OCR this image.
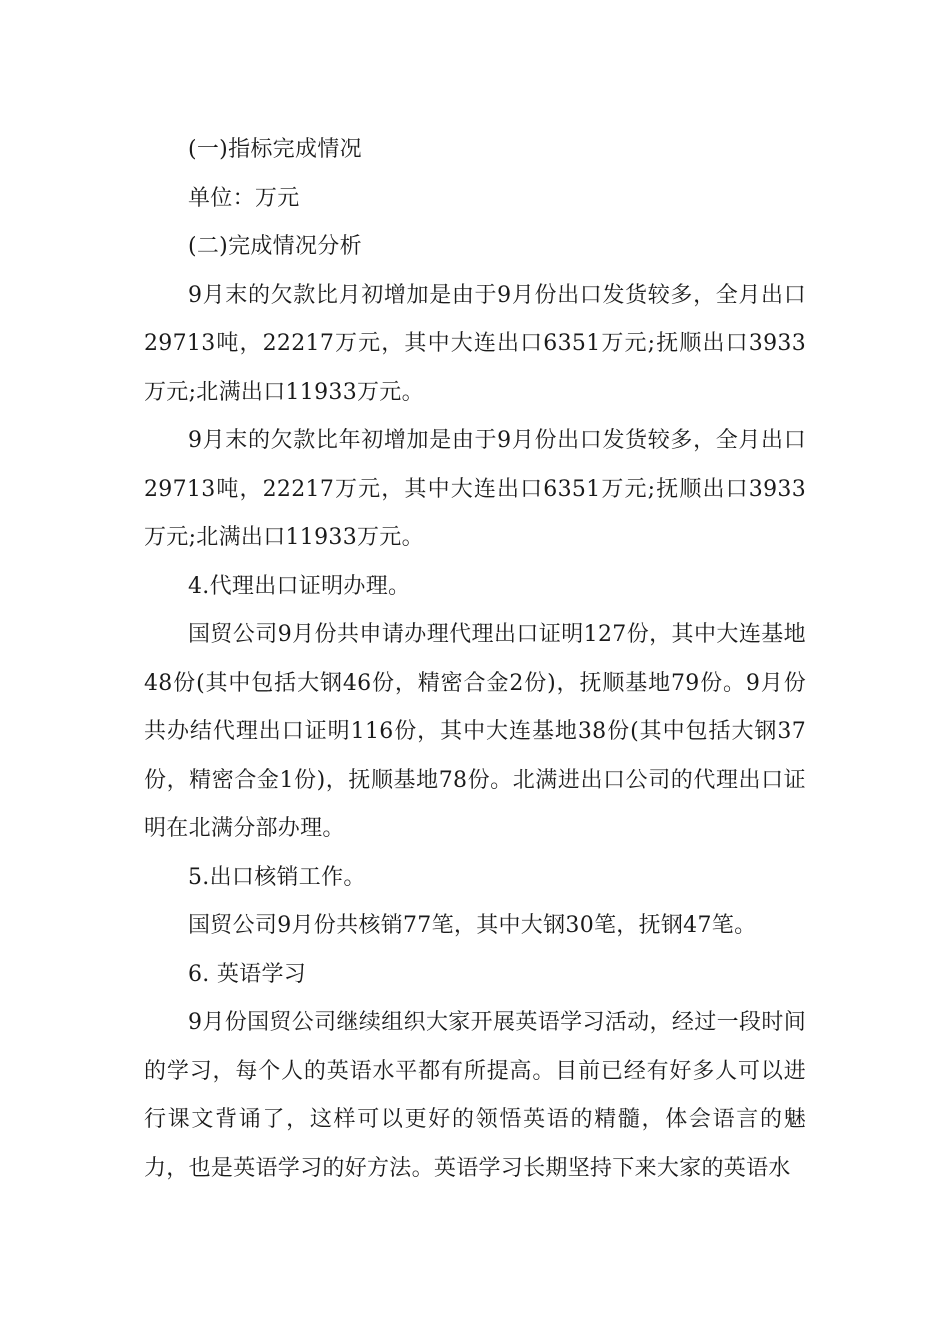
(一)指标完成情况

单位：万元

(二)完成情况分析

9月末的欠款比月初增加是由于9月份出口发货较多，全月出口29713吨，22217万元，其中大连出口6351万元;抚顺出口3933万元;北满出口11933万元。

9月末的欠款比年初增加是由于9月份出口发货较多，全月出口29713吨，22217万元，其中大连出口6351万元;抚顺出口3933万元;北满出口11933万元。

4.代理出口证明办理。

国贸公司9月份共申请办理代理出口证明127份，其中大连基地48份(其中包括大钢46份，精密合金2份)，抚顺基地79份。9月份共办结代理出口证明116份，其中大连基地38份(其中包括大钢37份，精密合金1份)，抚顺基地78份。北满进出口公司的代理出口证明在北满分部办理。

5.出口核销工作。

国贸公司9月份共核销77笔，其中大钢30笔，抚钢47笔。

6. 英语学习

9月份国贸公司继续组织大家开展英语学习活动，经过一段时间的学习，每个人的英语水平都有所提高。目前已经有好多人可以进行课文背诵了，这样可以更好的领悟英语的精髓，体会语言的魅力，也是英语学习的好方法。英语学习长期坚持下来大家的英语水
